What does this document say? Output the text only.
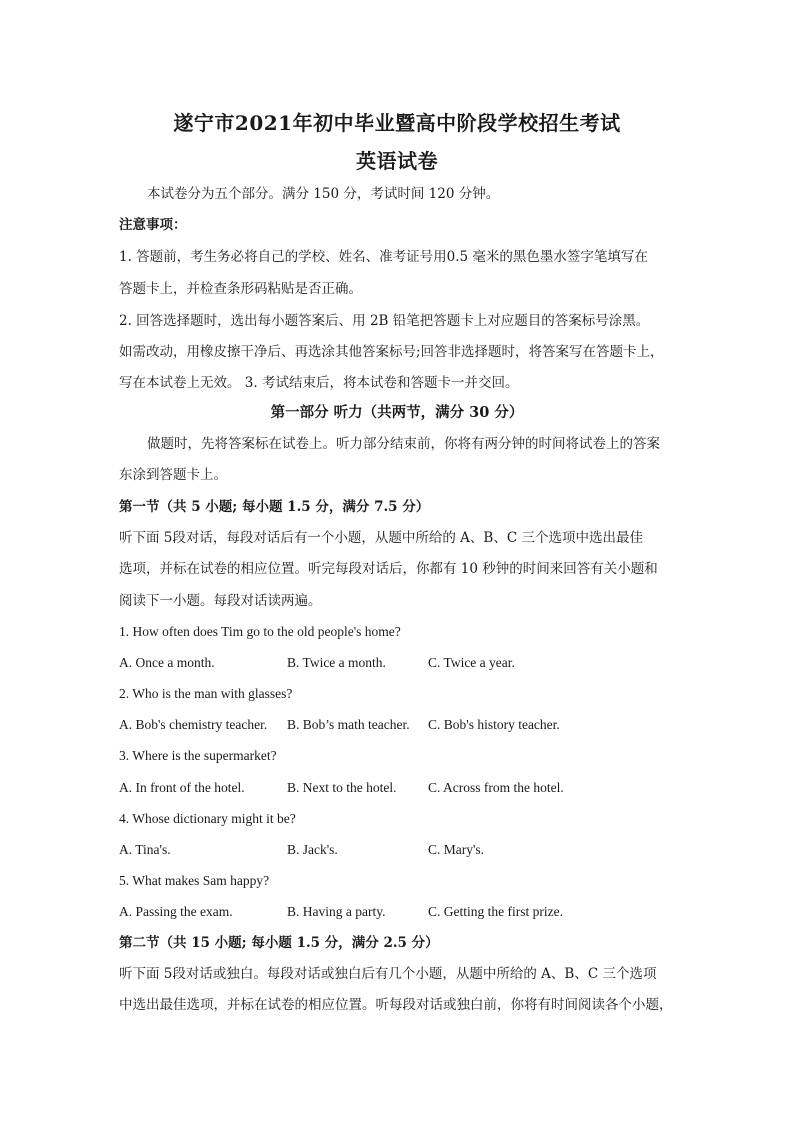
遂宁市2021年初中毕业暨高中阶段学校招生考试
英语试卷
本试卷分为五个部分。满分 150 分，考试时间 120 分钟。
注意事项：
1. 答题前，考生务必将自己的学校、姓名、准考证号用0.5 毫米的黑色墨水签字笔填写在
答题卡上，并检查条形码粘贴是否正确。
2. 回答选择题时，选出每小题答案后、用 2B 铅笔把答题卡上对应题目的答案标号涂黑。
如需改动，用橡皮擦干净后、再选涂其他答案标号;回答非选择题时，将答案写在答题卡上，
写在本试卷上无效。 3. 考试结束后，将本试卷和答题卡一并交回。
第一部分 听力（共两节，满分 30 分）
做题时，先将答案标在试卷上。听力部分结束前，你将有两分钟的时间将试卷上的答案
东涂到答题卡上。
第一节（共 5 小题; 每小题 1.5 分，满分 7.5 分）
听下面 5段对话，每段对话后有一个小题，从题中所给的 A、B、C 三个选项中选出最佳
选项，并标在试卷的相应位置。听完每段对话后，你都有 10 秒钟的时间来回答有关小题和
阅读下一小题。每段对话读两遍。
1. How often does Tim go to the old people's home?
A. Once a month.	B. Twice a month.	C. Twice a year.
2. Who is the man with glasses?
A. Bob's chemistry teacher. B. Bob’s math teacher. C. Bob's history teacher.
3. Where is the supermarket?
A. In front of the hotel.	B. Next to the hotel. C. Across from the hotel.
4. Whose dictionary might it be?
A. Tina's.	B. Jack's.	C. Mary's.
5. What makes Sam happy?
A. Passing the exam.	B. Having a party.	C. Getting the first prize.
第二节（共 15 小题; 每小题 1.5 分，满分 2.5 分）
听下面 5段对话或独白。每段对话或独白后有几个小题，从题中所给的 A、B、C 三个选项
中选出最佳选项，并标在试卷的相应位置。听每段对话或独白前，你将有时间阅读各个小题，
